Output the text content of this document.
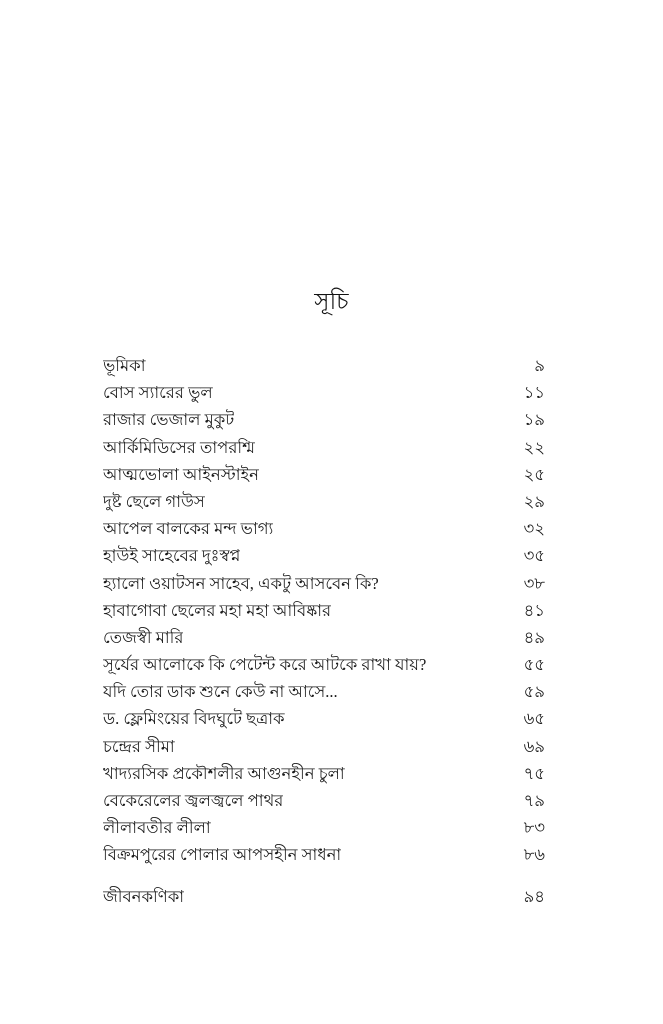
সূচি
ভূমিকা	৯
বোস স্যারের ভুল	১১
রাজার ভেজাল মুকুট	১৯
আর্কিমিডিসের তাপরশ্মি	২২
আত্মভোলা আইনস্টাইন	২৫
দুষ্ট ছেলে গাউস	২৯
আপেল বালকের মন্দ ভাগ্য	৩২
হাউই সাহেবের দুঃস্বপ্ন	৩৫
হ্যালো ওয়াটসন সাহেব, একটু আসবেন কি?	৩৮
হাবাগোবা ছেলের মহা মহা আবিষ্কার	৪১
তেজস্বী মারি	৪৯
সূর্যের আলোকে কি পেটেন্ট করে আটকে রাখা যায়?	৫৫
যদি তোর ডাক শুনে কেউ না আসে...	৫৯
ড. ফ্লেমিংয়ের বিদঘুটে ছত্রাক	৬৫
চন্দ্রের সীমা	৬৯
খাদ্যরসিক প্রকৌশলীর আগুনহীন চুলা	৭৫
বেকেরেলের জ্বলজ্বলে পাথর	৭৯
লীলাবতীর লীলা	৮৩
বিক্রমপুরের পোলার আপসহীন সাধনা	৮৬
জীবনকণিকা	৯৪
